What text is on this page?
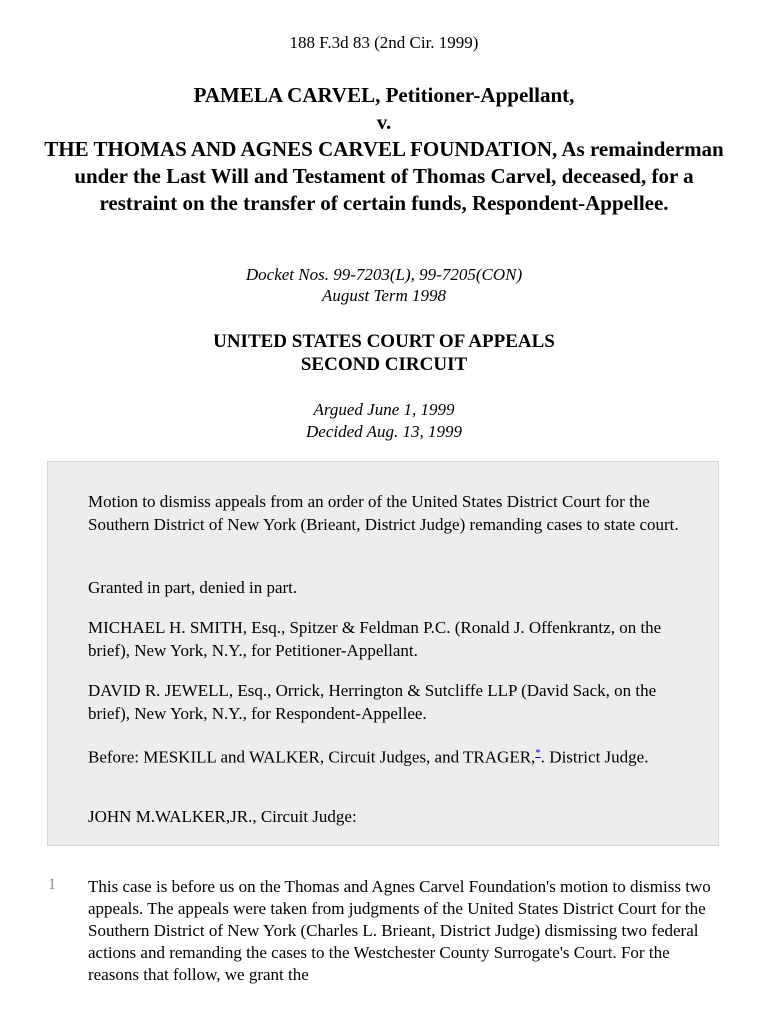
188 F.3d 83 (2nd Cir. 1999)
PAMELA CARVEL, Petitioner-Appellant,
v.
THE THOMAS AND AGNES CARVEL FOUNDATION, As remainderman under the Last Will and Testament of Thomas Carvel, deceased, for a restraint on the transfer of certain funds, Respondent-Appellee.
Docket Nos. 99-7203(L), 99-7205(CON)
August Term 1998
UNITED STATES COURT OF APPEALS
SECOND CIRCUIT
Argued June 1, 1999
Decided Aug. 13, 1999

Motion to dismiss appeals from an order of the United States District Court for the Southern District of New York (Brieant, District Judge) remanding cases to state court.

Granted in part, denied in part.

MICHAEL H. SMITH, Esq., Spitzer & Feldman P.C. (Ronald J. Offenkrantz, on the brief), New York, N.Y., for Petitioner-Appellant.

DAVID R. JEWELL, Esq., Orrick, Herrington & Sutcliffe LLP (David Sack, on the brief), New York, N.Y., for Respondent-Appellee.

Before: MESKILL and WALKER, Circuit Judges, and TRAGER,*. District Judge.

JOHN M.WALKER,JR., Circuit Judge:

1 This case is before us on the Thomas and Agnes Carvel Foundation's motion to dismiss two appeals. The appeals were taken from judgments of the United States District Court for the Southern District of New York (Charles L. Brieant, District Judge) dismissing two federal actions and remanding the cases to the Westchester County Surrogate's Court. For the reasons that follow, we grant the
